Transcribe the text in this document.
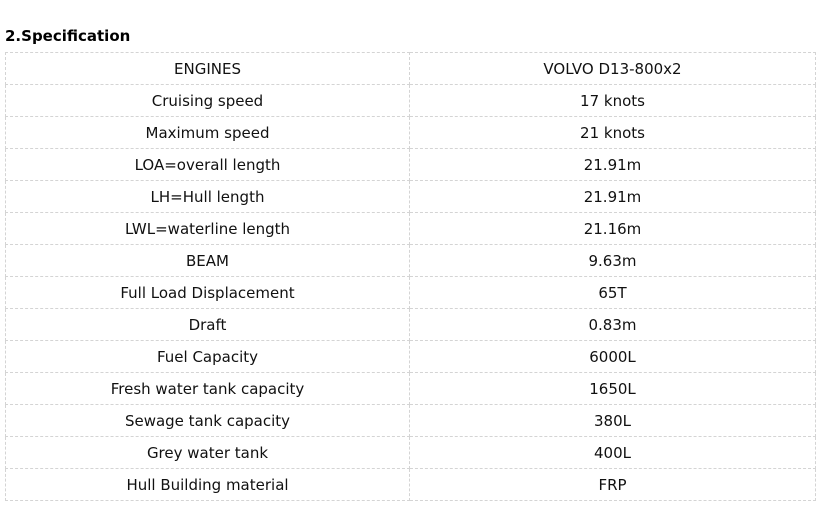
2.Specification
ENGINES	VOLVO D13-800x2
Cruising speed	17 knots
Maximum speed	21 knots
LOA=overall length	21.91m
LH=Hull length	21.91m
LWL=waterline length	21.16m
BEAM	9.63m
Full Load Displacement	65T
Draft	0.83m
Fuel Capacity	6000L
Fresh water tank capacity	1650L
Sewage tank capacity	380L
Grey water tank	400L
Hull Building material	FRP
